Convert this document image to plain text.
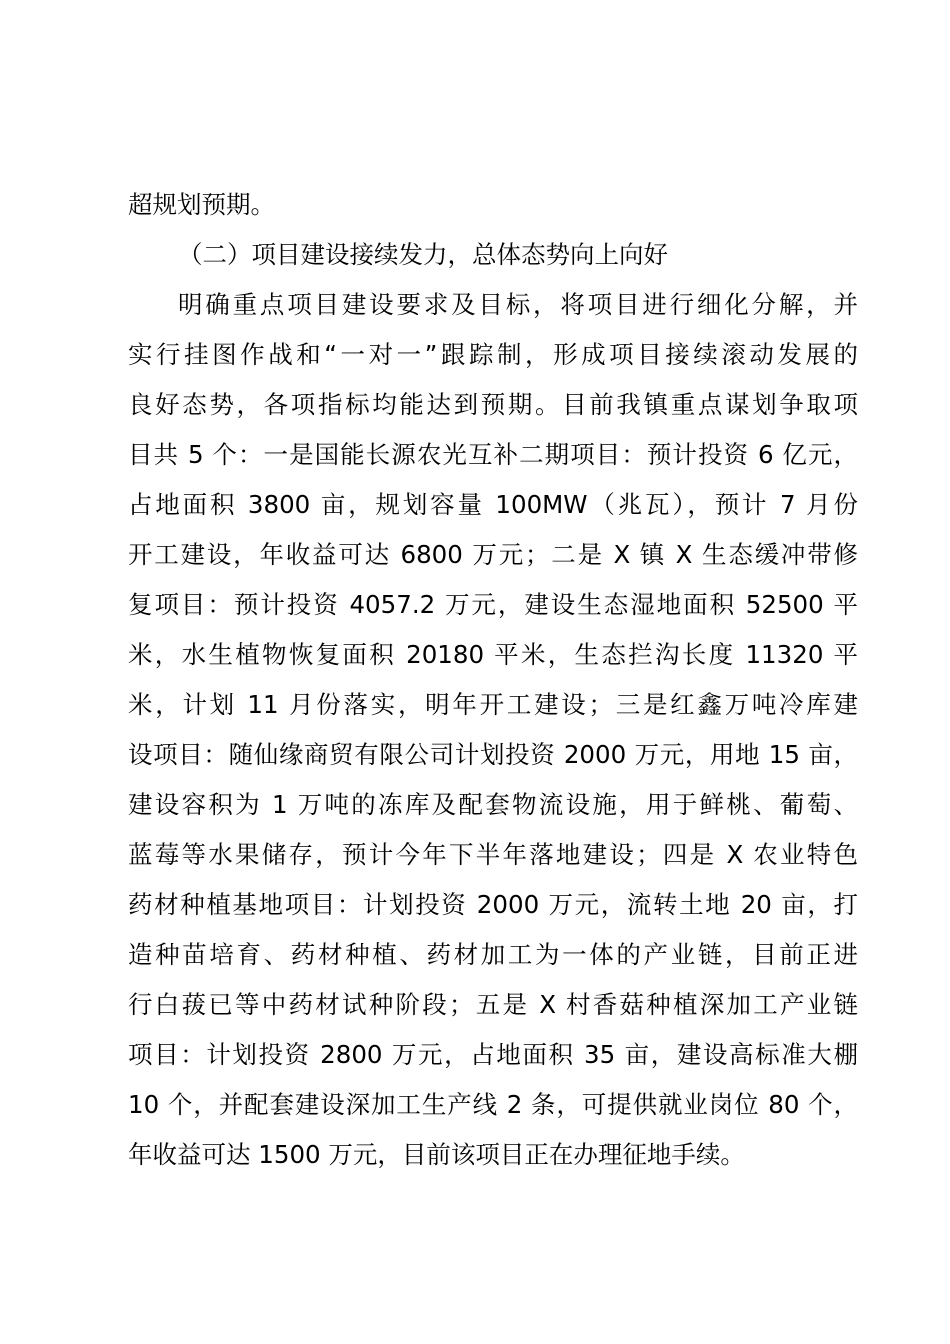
超规划预期。
（二）项目建设接续发力，总体态势向上向好
明确重点项目建设要求及目标，将项目进行细化分解，并
实行挂图作战和“一对一”跟踪制，形成项目接续滚动发展的
良好态势，各项指标均能达到预期。目前我镇重点谋划争取项
目共 5 个：一是国能长源农光互补二期项目：预计投资 6 亿元，
占地面积 3800 亩，规划容量 100MW（兆瓦），预计 7 月份
开工建设，年收益可达 6800 万元；二是 X 镇 X 生态缓冲带修
复项目：预计投资 4057.2 万元，建设生态湿地面积 52500 平
米，水生植物恢复面积 20180 平米，生态拦沟长度 11320 平
米，计划 11 月份落实，明年开工建设；三是红鑫万吨冷库建
设项目：随仙缘商贸有限公司计划投资 2000 万元，用地 15 亩，
建设容积为 1 万吨的冻库及配套物流设施，用于鲜桃、葡萄、
蓝莓等水果储存，预计今年下半年落地建设；四是 X 农业特色
药材种植基地项目：计划投资 2000 万元，流转土地 20 亩，打
造种苗培育、药材种植、药材加工为一体的产业链，目前正进
行白菝已等中药材试种阶段；五是 X 村香菇种植深加工产业链
项目：计划投资 2800 万元，占地面积 35 亩，建设高标准大棚
10 个，并配套建设深加工生产线 2 条，可提供就业岗位 80 个，
年收益可达 1500 万元，目前该项目正在办理征地手续。
